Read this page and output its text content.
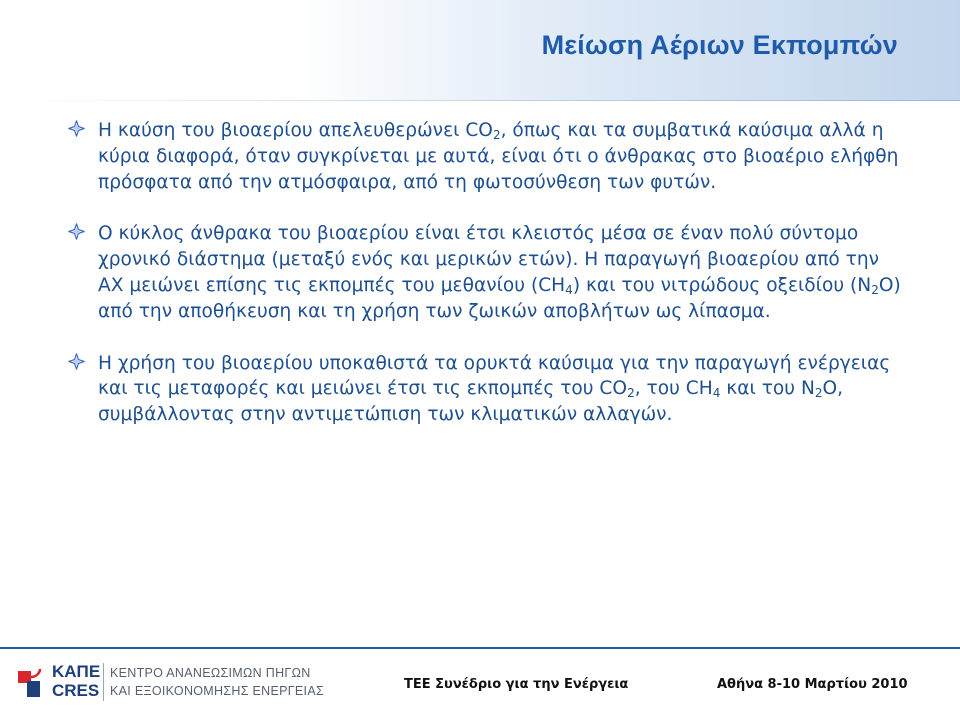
Μείωση Αέριων Εκπομπών

Η καύση του βιοαερίου απελευθερώνει $CO_2$, όπως και τα συμβατικά καύσιμα αλλά η κύρια διαφορά, όταν συγκρίνεται με αυτά, είναι ότι ο άνθρακας στο βιοαέριο ελήφθη πρόσφατα από την ατμόσφαιρα, από τη φωτοσύνθεση των φυτών.

Ο κύκλος άνθρακα του βιοαερίου είναι έτσι κλειστός μέσα σε έναν πολύ σύντομο χρονικό διάστημα (μεταξύ ενός και μερικών ετών). Η παραγωγή βιοαερίου από την ΑΧ μειώνει επίσης τις εκπομπές του μεθανίου $(CH_4)$ και του νιτρώδους οξειδίου $(N_2O)$ από την αποθήκευση και τη χρήση των ζωικών αποβλήτων ως λίπασμα.

Η χρήση του βιοαερίου υποκαθιστά τα ορυκτά καύσιμα για την παραγωγή ενέργειας και τις μεταφορές και μειώνει έτσι τις εκπομπές του $CO_2$, του $CH_4$ και του $N_2O$, συμβάλλοντας στην αντιμετώπιση των κλιματικών αλλαγών.

ΚΑΠΕ
CRES
ΚΕΝΤΡΟ ΑΝΑΝΕΩΣΙΜΩΝ ΠΗΓΩΝ
ΚΑΙ ΕΞΟΙΚΟΝΟΜΗΣΗΣ ΕΝΕΡΓΕΙΑΣ	ΤΕΕ Συνέδριο για την Ενέργεια	Αθήνα 8-10 Μαρτίου 2010
